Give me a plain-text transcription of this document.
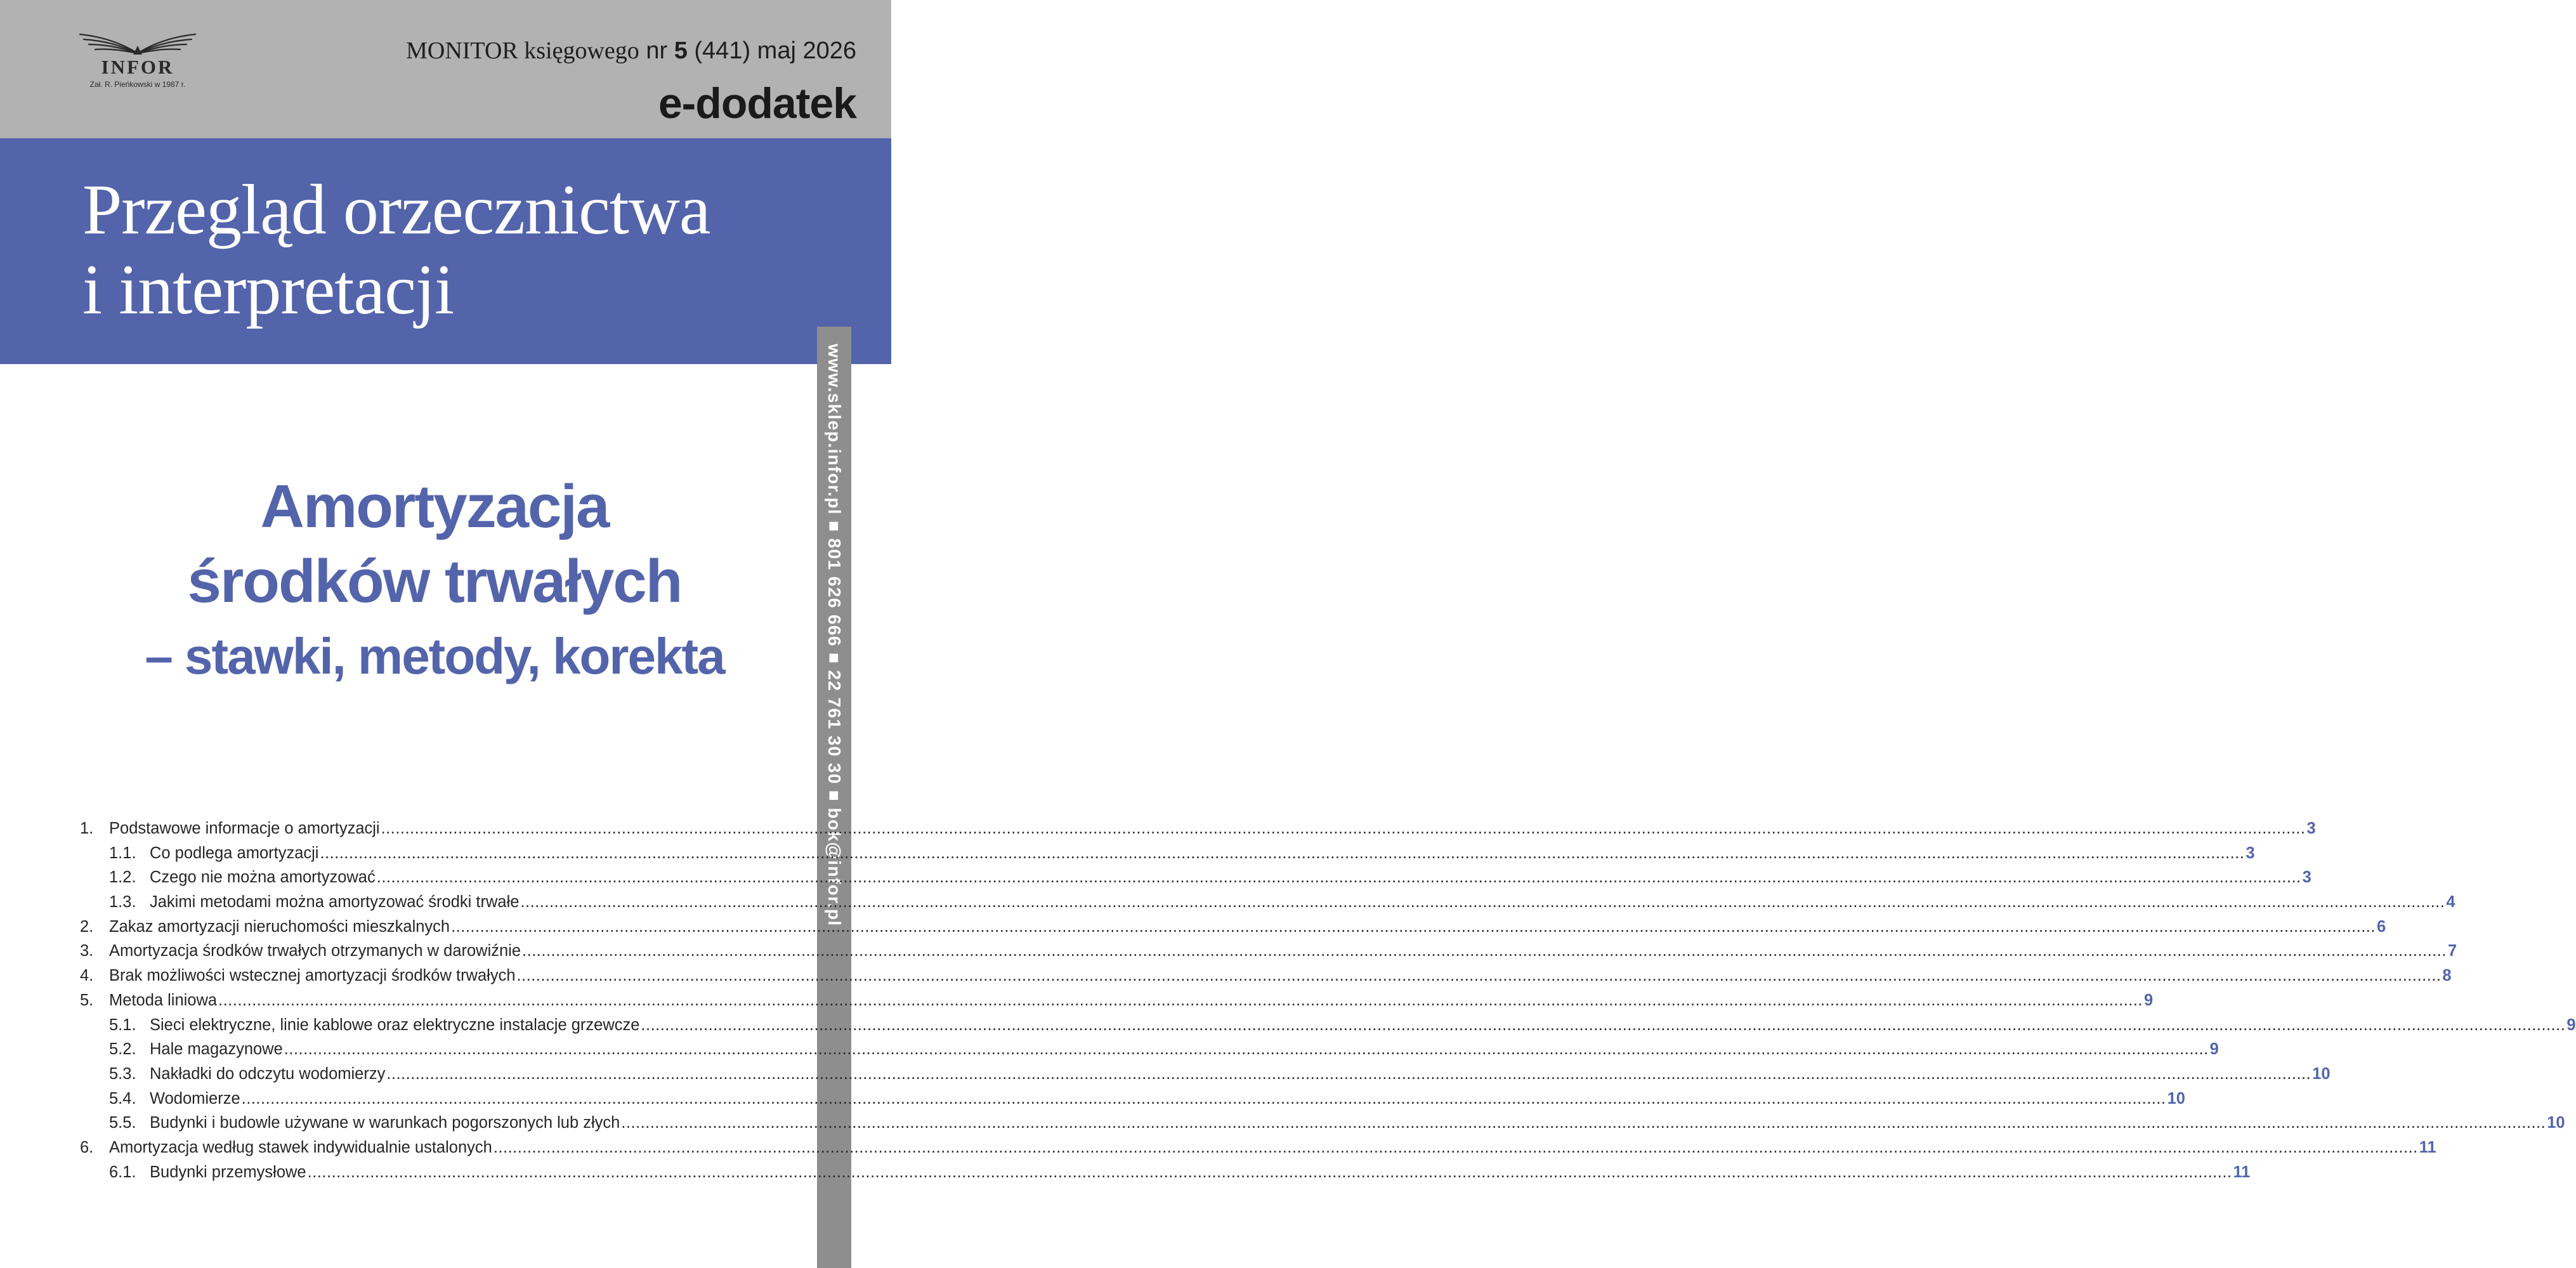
INFOR
Zał. R. Pieńkowski w 1987 r.
MONITOR księgowego nr 5 (441) maj 2026
e-dodatek
Przegląd orzecznictwa
i interpretacji
www.sklep.infor.pl ■ 801 626 666 ■ 22 761 30 30 ■ bok@infor.pl
Amortyzacja
środków trwałych
– stawki, metody, korekta
1. Podstawowe informacje o amortyzacji ................................................................................................................................................................................................................................................................................................................................................................................................................ 3
1.1. Co podlega amortyzacji ................................................................................................................................................................................................................................................................................................................................................................................................................ 3
1.2. Czego nie można amortyzować ................................................................................................................................................................................................................................................................................................................................................................................................................ 3
1.3. Jakimi metodami można amortyzować środki trwałe ................................................................................................................................................................................................................................................................................................................................................................................................................ 4
2. Zakaz amortyzacji nieruchomości mieszkalnych ................................................................................................................................................................................................................................................................................................................................................................................................................ 6
3. Amortyzacja środków trwałych otrzymanych w darowiźnie ................................................................................................................................................................................................................................................................................................................................................................................................................ 7
4. Brak możliwości wstecznej amortyzacji środków trwałych ................................................................................................................................................................................................................................................................................................................................................................................................................ 8
5. Metoda liniowa ................................................................................................................................................................................................................................................................................................................................................................................................................ 9
5.1. Sieci elektryczne, linie kablowe oraz elektryczne instalacje grzewcze ................................................................................................................................................................................................................................................................................................................................................................................................................ 9
5.2. Hale magazynowe ................................................................................................................................................................................................................................................................................................................................................................................................................ 9
5.3. Nakładki do odczytu wodomierzy ................................................................................................................................................................................................................................................................................................................................................................................................................ 10
5.4. Wodomierze ................................................................................................................................................................................................................................................................................................................................................................................................................ 10
5.5. Budynki i budowle używane w warunkach pogorszonych lub złych ................................................................................................................................................................................................................................................................................................................................................................................................................ 10
6. Amortyzacja według stawek indywidualnie ustalonych ................................................................................................................................................................................................................................................................................................................................................................................................................ 11
6.1. Budynki przemysłowe ................................................................................................................................................................................................................................................................................................................................................................................................................ 11
